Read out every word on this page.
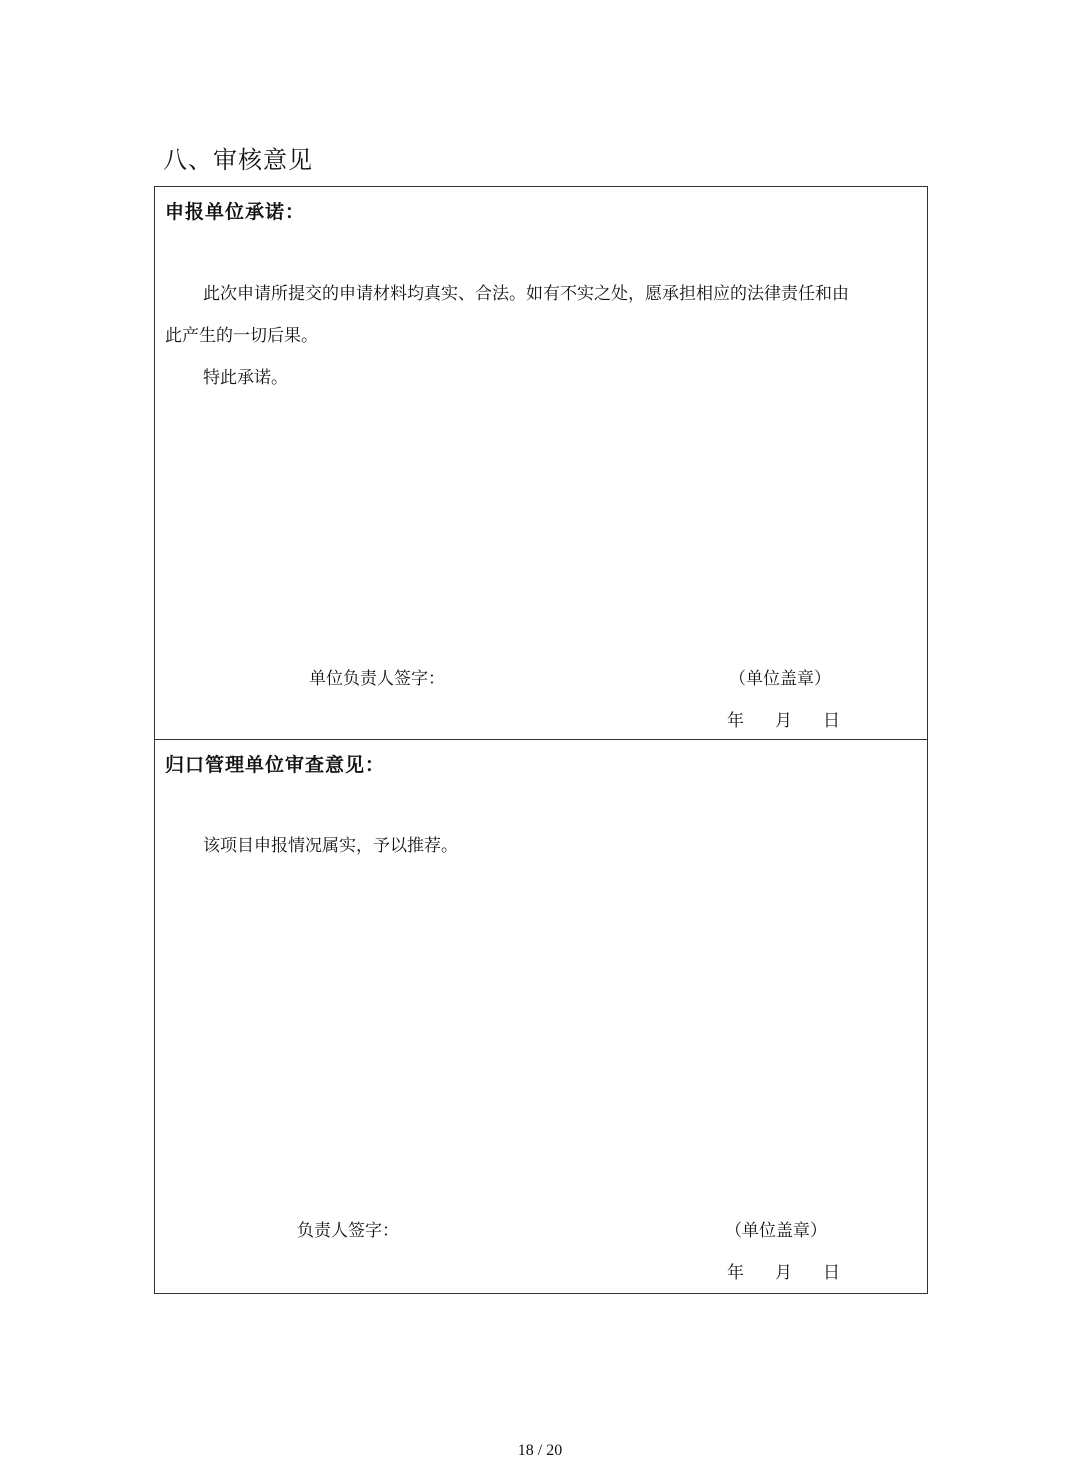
八、审核意见
申报单位承诺：
此次申请所提交的申请材料均真实、合法。如有不实之处，愿承担相应的法律责任和由
此产生的一切后果。
特此承诺。
单位负责人签字：	（单位盖章）
年 月 日
归口管理单位审查意见：
该项目申报情况属实，予以推荐。
负责人签字：	（单位盖章）
年 月 日
18 / 20
